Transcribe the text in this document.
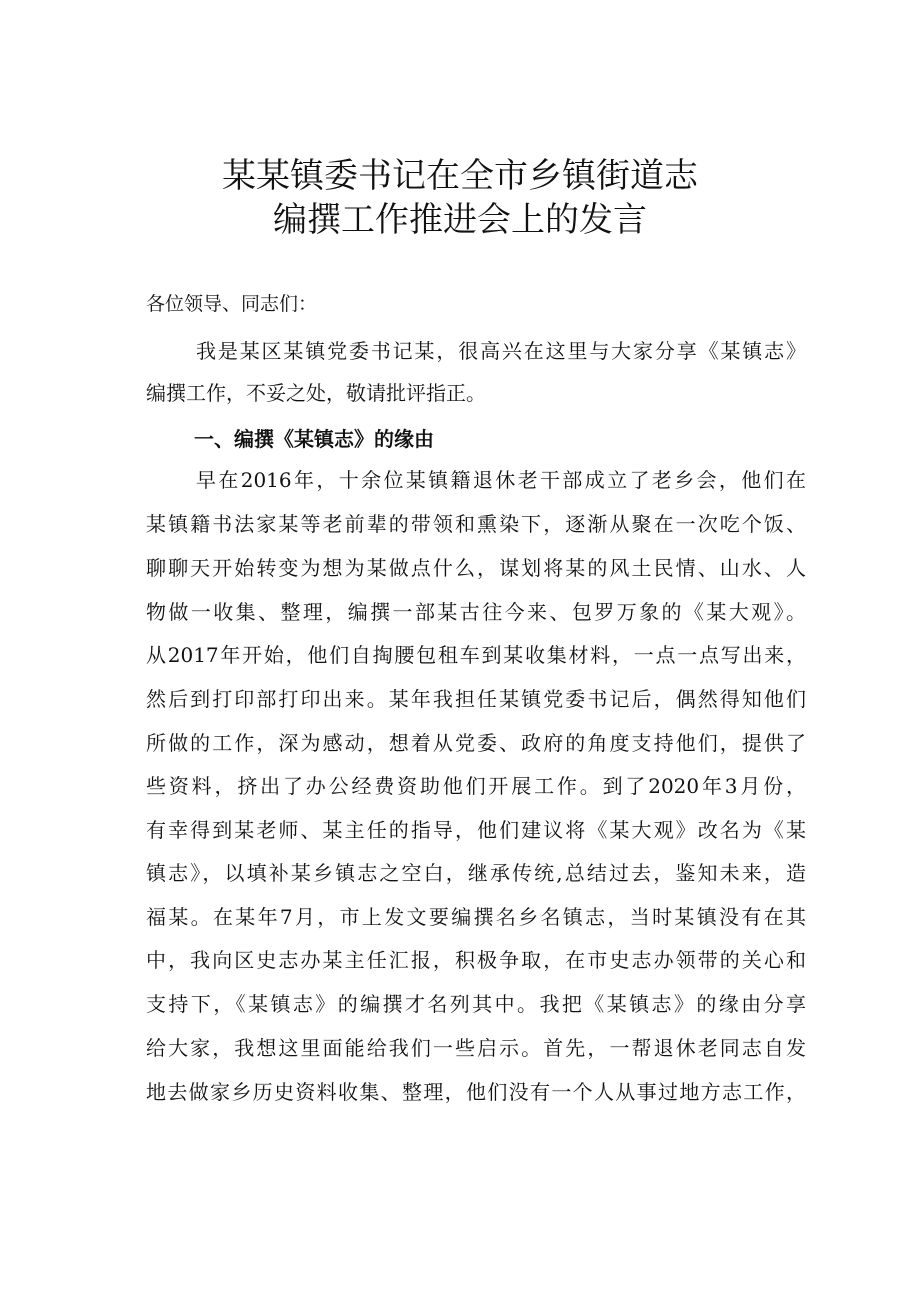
某某镇委书记在全市乡镇街道志
编撰工作推进会上的发言
各位领导、同志们：
我是某区某镇党委书记某，很高兴在这里与大家分享《某镇志》
编撰工作，不妥之处，敬请批评指正。
一、编撰《某镇志》的缘由
早在2016年，十余位某镇籍退休老干部成立了老乡会，他们在
某镇籍书法家某等老前辈的带领和熏染下，逐渐从聚在一次吃个饭、
聊聊天开始转变为想为某做点什么，谋划将某的风土民情、山水、人
物做一收集、整理，编撰一部某古往今来、包罗万象的《某大观》。
从2017年开始，他们自掏腰包租车到某收集材料，一点一点写出来，
然后到打印部打印出来。某年我担任某镇党委书记后，偶然得知他们
所做的工作，深为感动，想着从党委、政府的角度支持他们，提供了
些资料，挤出了办公经费资助他们开展工作。到了2020年3月份，
有幸得到某老师、某主任的指导，他们建议将《某大观》改名为《某
镇志》，以填补某乡镇志之空白，继承传统,总结过去，鉴知未来，造
福某。在某年7月，市上发文要编撰名乡名镇志，当时某镇没有在其
中，我向区史志办某主任汇报，积极争取，在市史志办领带的关心和
支持下，《某镇志》的编撰才名列其中。我把《某镇志》的缘由分享
给大家，我想这里面能给我们一些启示。首先，一帮退休老同志自发
地去做家乡历史资料收集、整理，他们没有一个人从事过地方志工作，
